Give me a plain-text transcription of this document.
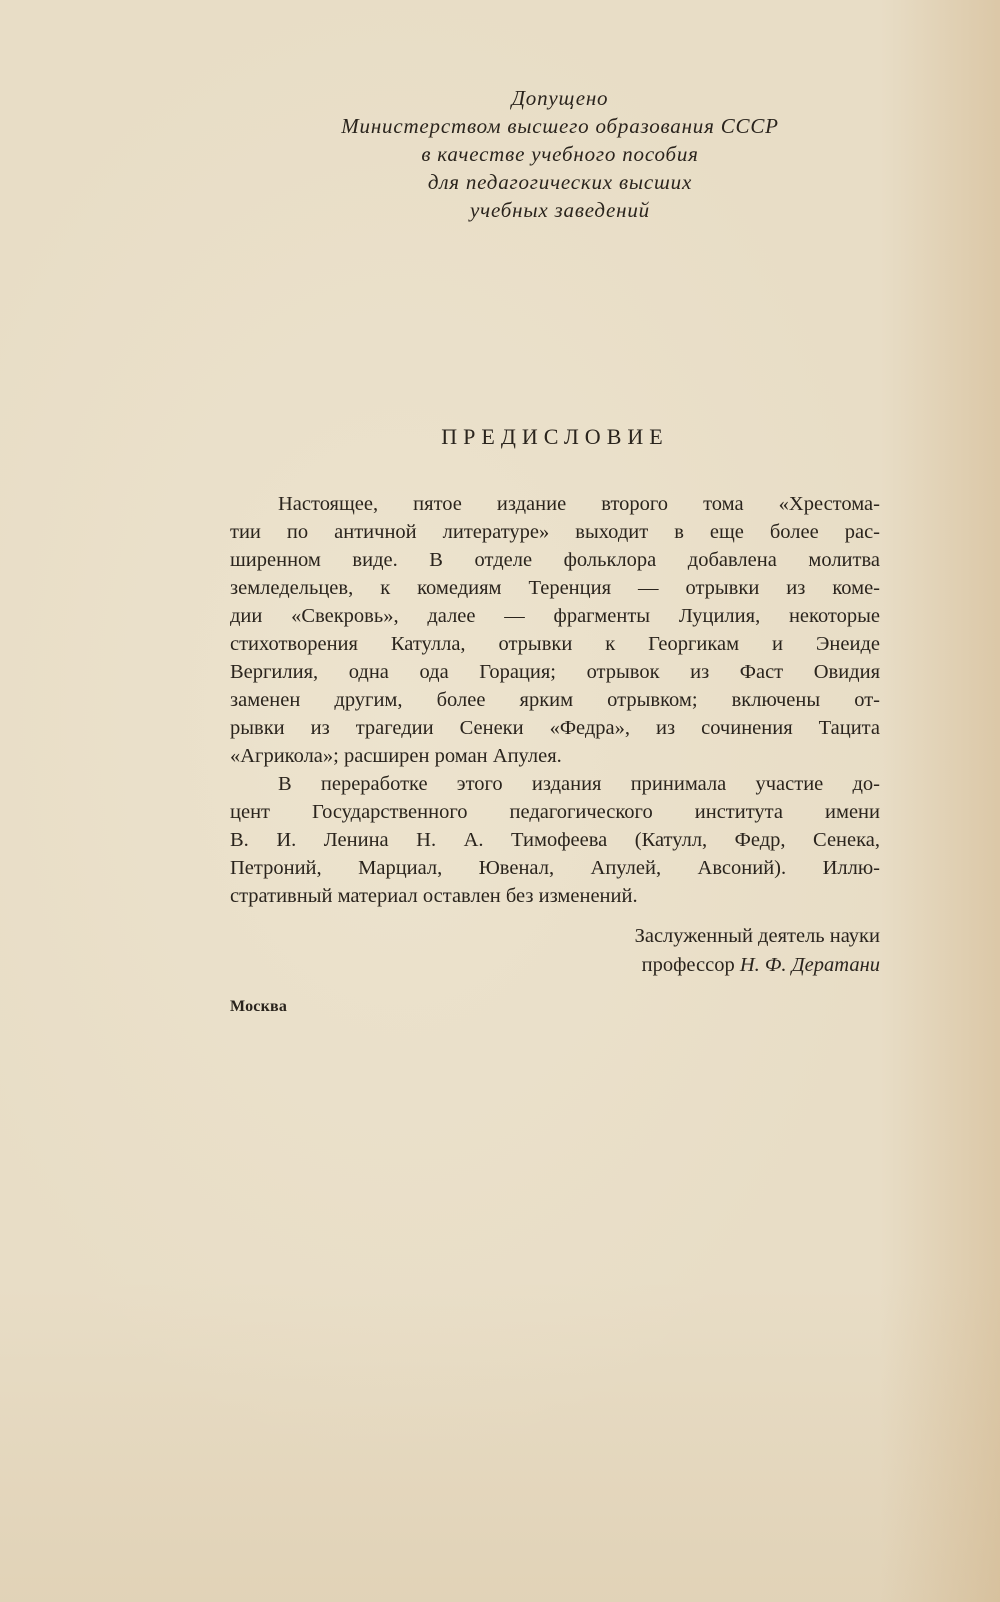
Допущено
Министерством высшего образования СССР
в качестве учебного пособия
для педагогических высших
учебных заведений
ПРЕДИСЛОВИЕ
Настоящее, пятое издание второго тома «Хрестома-
тии по античной литературе» выходит в еще более рас-
ширенном виде. В отделе фольклора добавлена молитва
земледельцев, к комедиям Теренция — отрывки из коме-
дии «Свекровь», далее — фрагменты Луцилия, некоторые
стихотворения Катулла, отрывки к Георгикам и Энеиде
Вергилия, одна ода Горация; отрывок из Фаст Овидия
заменен другим, более ярким отрывком; включены от-
рывки из трагедии Сенеки «Федра», из сочинения Тацита
«Агрикола»; расширен роман Апулея.
В переработке этого издания принимала участие до-
цент Государственного педагогического института имени
В. И. Ленина Н. А. Тимофеева (Катулл, Федр, Сенека,
Петроний, Марциал, Ювенал, Апулей, Авсоний). Иллю-
стративный материал оставлен без изменений.
Заслуженный деятель науки
профессор Н. Ф. Дератани
Москва
